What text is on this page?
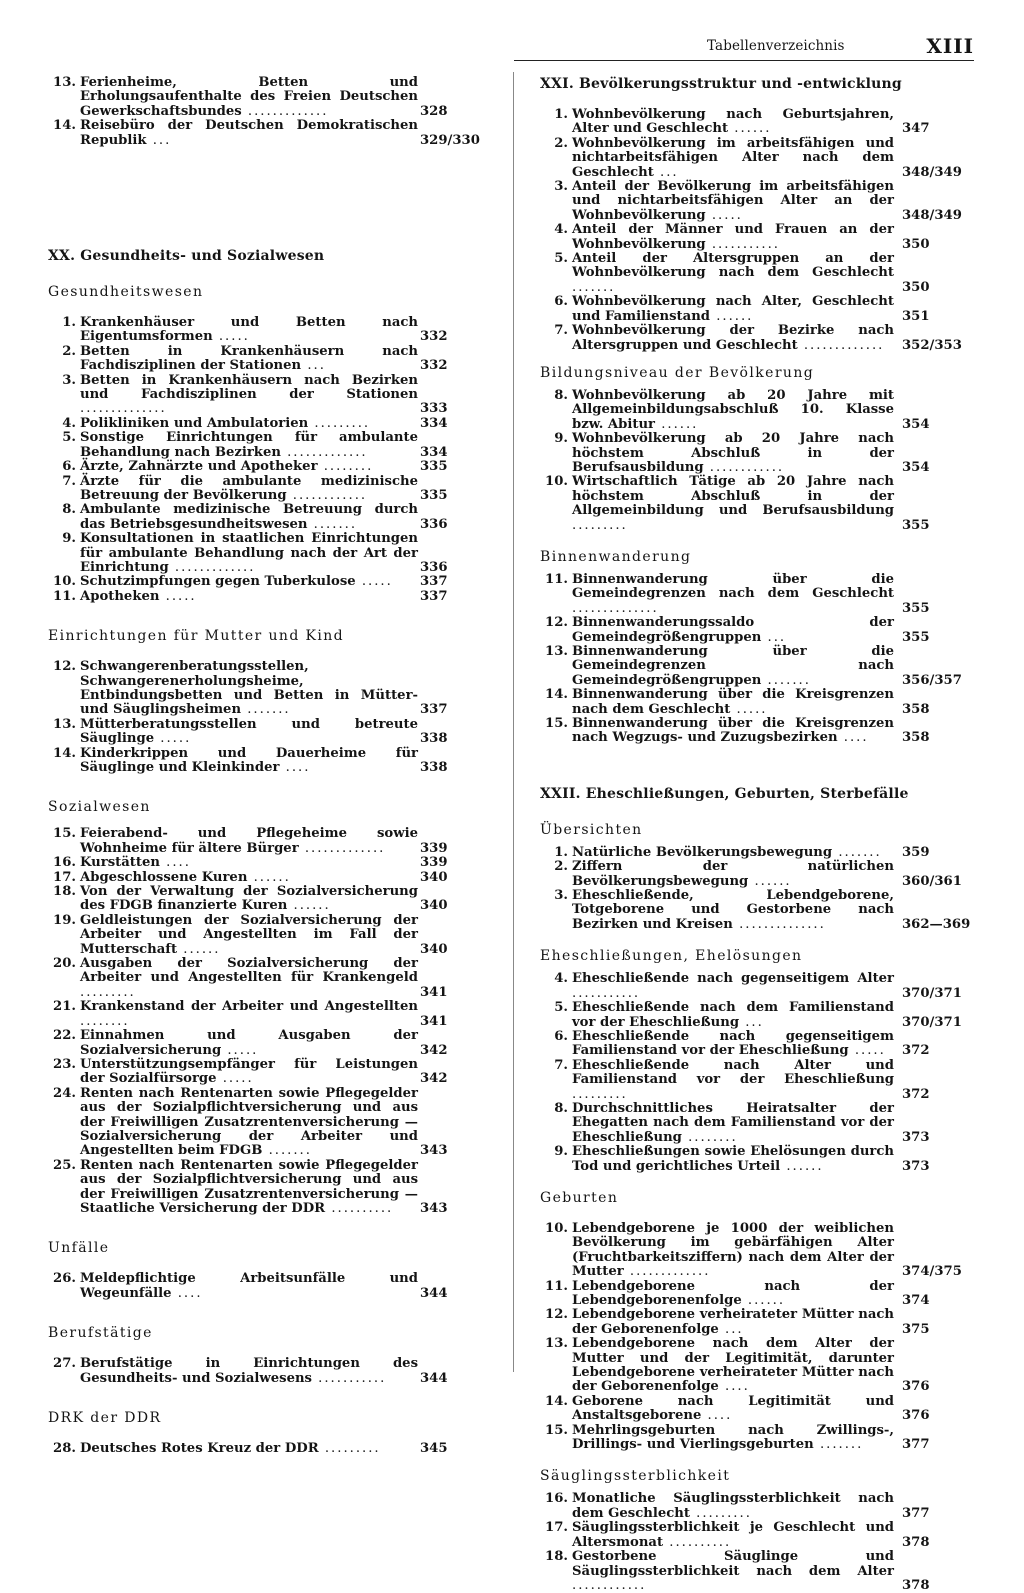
Tabellenverzeichnis	XIII
13. Ferienheime, Betten und Erholungsaufenthalte des Freien Deutschen Gewerkschaftsbundes .............	328
14. Reisebüro der Deutschen Demokratischen Republik ...	329/330
XX. Gesundheits- und Sozialwesen
Gesundheitswesen
1. Krankenhäuser und Betten nach Eigentumsformen .....	332
2. Betten in Krankenhäusern nach Fachdisziplinen der Stationen ...	332
3. Betten in Krankenhäusern nach Bezirken und Fachdisziplinen der Stationen ..............	333
4. Polikliniken und Ambulatorien .........	334
5. Sonstige Einrichtungen für ambulante Behandlung nach Bezirken .............	334
6. Ärzte, Zahnärzte und Apotheker ........	335
7. Ärzte für die ambulante medizinische Betreuung der Bevölkerung ............	335
8. Ambulante medizinische Betreuung durch das Betriebsgesundheitswesen .......	336
9. Konsultationen in staatlichen Einrichtungen für ambulante Behandlung nach der Art der Einrichtung .............	336
10. Schutzimpfungen gegen Tuberkulose .....	337
11. Apotheken .....	337
Einrichtungen für Mutter und Kind
12. Schwangerenberatungsstellen, Schwangerenerholungsheime, Entbindungsbetten und Betten in Mütter- und Säuglingsheimen .......	337
13. Mütterberatungsstellen und betreute Säuglinge .....	338
14. Kinderkrippen und Dauerheime für Säuglinge und Kleinkinder ....	338
Sozialwesen
15. Feierabend- und Pflegeheime sowie Wohnheime für ältere Bürger .............	339
16. Kurstätten ....	339
17. Abgeschlossene Kuren ......	340
18. Von der Verwaltung der Sozialversicherung des FDGB finanzierte Kuren ......	340
19. Geldleistungen der Sozialversicherung der Arbeiter und Angestellten im Fall der Mutterschaft ......	340
20. Ausgaben der Sozialversicherung der Arbeiter und Angestellten für Krankengeld .........	341
21. Krankenstand der Arbeiter und Angestellten ........	341
22. Einnahmen und Ausgaben der Sozialversicherung .....	342
23. Unterstützungsempfänger für Leistungen der Sozialfürsorge .....	342
24. Renten nach Rentenarten sowie Pflegegelder aus der Sozialpflichtversicherung und aus der Freiwilligen Zusatzrentenversicherung — Sozialversicherung der Arbeiter und Angestellten beim FDGB .......	343
25. Renten nach Rentenarten sowie Pflegegelder aus der Sozialpflichtversicherung und aus der Freiwilligen Zusatzrentenversicherung — Staatliche Versicherung der DDR ..........	343
Unfälle
26. Meldepflichtige Arbeitsunfälle und Wegeunfälle ....	344
Berufstätige
27. Berufstätige in Einrichtungen des Gesundheits- und Sozialwesens ...........	344
DRK der DDR
28. Deutsches Rotes Kreuz der DDR .........	345
XXI. Bevölkerungsstruktur und -entwicklung
1. Wohnbevölkerung nach Geburtsjahren, Alter und Geschlecht ......	347
2. Wohnbevölkerung im arbeitsfähigen und nichtarbeitsfähigen Alter nach dem Geschlecht ...	348/349
3. Anteil der Bevölkerung im arbeitsfähigen und nichtarbeitsfähigen Alter an der Wohnbevölkerung .....	348/349
4. Anteil der Männer und Frauen an der Wohnbevölkerung ...........	350
5. Anteil der Altersgruppen an der Wohnbevölkerung nach dem Geschlecht .......	350
6. Wohnbevölkerung nach Alter, Geschlecht und Familienstand ......	351
7. Wohnbevölkerung der Bezirke nach Altersgruppen und Geschlecht .............	352/353
Bildungsniveau der Bevölkerung
8. Wohnbevölkerung ab 20 Jahre mit Allgemeinbildungsabschluß 10. Klasse bzw. Abitur ......	354
9. Wohnbevölkerung ab 20 Jahre nach höchstem Abschluß in der Berufsausbildung ............	354
10. Wirtschaftlich Tätige ab 20 Jahre nach höchstem Abschluß in der Allgemeinbildung und Berufsausbildung .........	355
Binnenwanderung
11. Binnenwanderung über die Gemeindegrenzen nach dem Geschlecht ..............	355
12. Binnenwanderungssaldo der Gemeindegrößengruppen ...	355
13. Binnenwanderung über die Gemeindegrenzen nach Gemeindegrößengruppen .......	356/357
14. Binnenwanderung über die Kreisgrenzen nach dem Geschlecht .....	358
15. Binnenwanderung über die Kreisgrenzen nach Wegzugs- und Zuzugsbezirken ....	358
XXII. Eheschließungen, Geburten, Sterbefälle
Übersichten
1. Natürliche Bevölkerungsbewegung .......	359
2. Ziffern der natürlichen Bevölkerungsbewegung ......	360/361
3. Eheschließende, Lebendgeborene, Totgeborene und Gestorbene nach Bezirken und Kreisen ..............	362—369
Eheschließungen, Ehelösungen
4. Eheschließende nach gegenseitigem Alter ...........	370/371
5. Eheschließende nach dem Familienstand vor der Eheschließung ...	370/371
6. Eheschließende nach gegenseitigem Familienstand vor der Eheschließung .....	372
7. Eheschließende nach Alter und Familienstand vor der Eheschließung .........	372
8. Durchschnittliches Heiratsalter der Ehegatten nach dem Familienstand vor der Eheschließung ........	373
9. Eheschließungen sowie Ehelösungen durch Tod und gerichtliches Urteil ......	373
Geburten
10. Lebendgeborene je 1000 der weiblichen Bevölkerung im gebärfähigen Alter (Fruchtbarkeitsziffern) nach dem Alter der Mutter .............	374/375
11. Lebendgeborene nach der Lebendgeborenenfolge ......	374
12. Lebendgeborene verheirateter Mütter nach der Geborenenfolge ...	375
13. Lebendgeborene nach dem Alter der Mutter und der Legitimität, darunter Lebendgeborene verheirateter Mütter nach der Geborenenfolge ....	376
14. Geborene nach Legitimität und Anstaltsgeborene ....	376
15. Mehrlingsgeburten nach Zwillings-, Drillings- und Vierlingsgeburten .......	377
Säuglingssterblichkeit
16. Monatliche Säuglingssterblichkeit nach dem Geschlecht .........	377
17. Säuglingssterblichkeit je Geschlecht und Altersmonat ..........	378
18. Gestorbene Säuglinge und Säuglingssterblichkeit nach dem Alter ............	378
